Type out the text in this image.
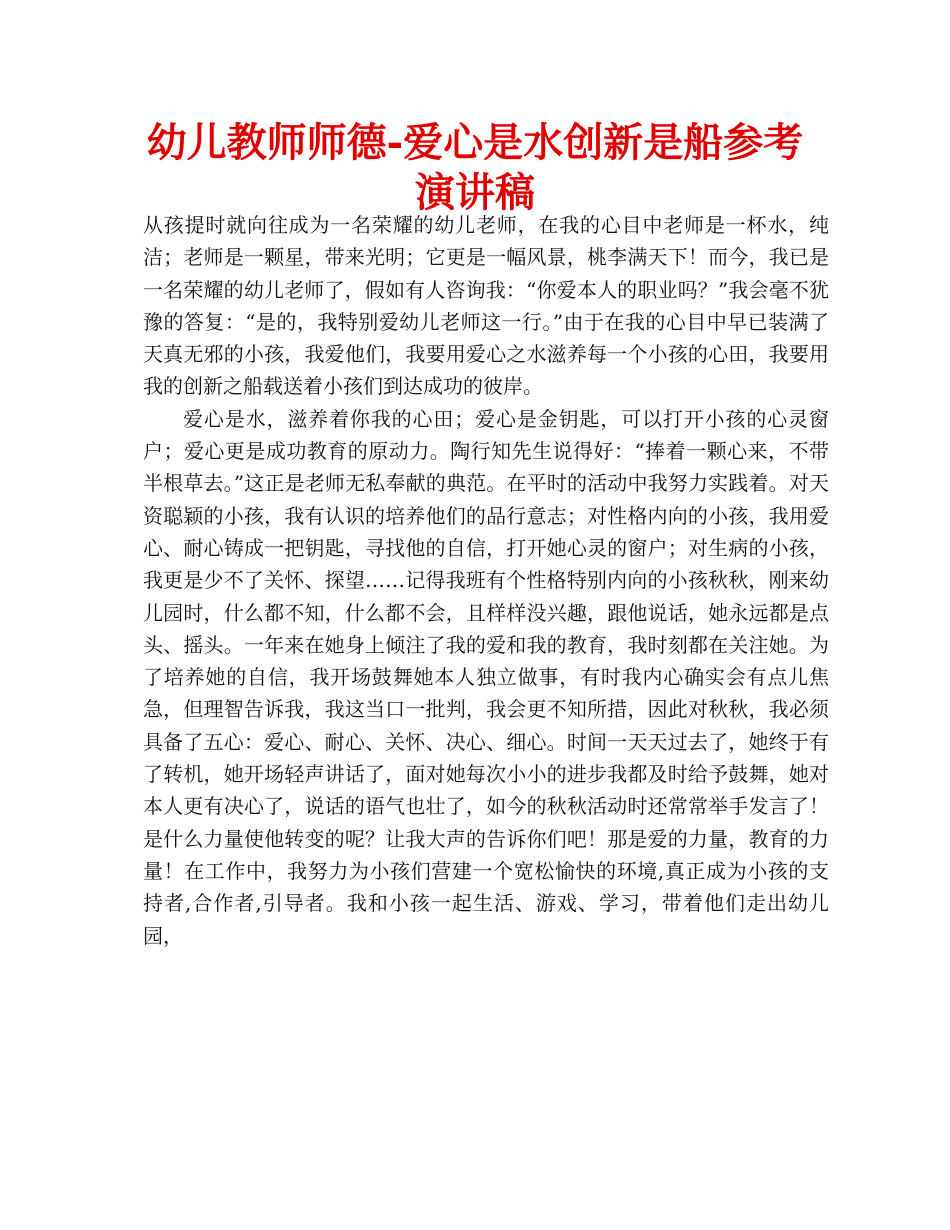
幼儿教师师德-爱心是水创新是船参考演讲稿

从孩提时就向往成为一名荣耀的幼儿老师，在我的心目中老师是一杯水，纯洁；老师是一颗星，带来光明；它更是一幅风景，桃李满天下！而今，我已是一名荣耀的幼儿老师了，假如有人咨询我：“你爱本人的职业吗？”我会毫不犹豫的答复：“是的，我特别爱幼儿老师这一行。”由于在我的心目中早已装满了天真无邪的小孩，我爱他们，我要用爱心之水滋养每一个小孩的心田，我要用我的创新之船载送着小孩们到达成功的彼岸。

爱心是水，滋养着你我的心田；爱心是金钥匙，可以打开小孩的心灵窗户；爱心更是成功教育的原动力。陶行知先生说得好：“捧着一颗心来，不带半根草去。”这正是老师无私奉献的典范。在平时的活动中我努力实践着。对天资聪颖的小孩，我有认识的培养他们的品行意志；对性格内向的小孩，我用爱心、耐心铸成一把钥匙，寻找他的自信，打开她心灵的窗户；对生病的小孩，我更是少不了关怀、探望……记得我班有个性格特别内向的小孩秋秋，刚来幼儿园时，什么都不知，什么都不会，且样样没兴趣，跟他说话，她永远都是点头、摇头。一年来在她身上倾注了我的爱和我的教育，我时刻都在关注她。为了培养她的自信，我开场鼓舞她本人独立做事，有时我内心确实会有点儿焦急，但理智告诉我，我这当口一批判，我会更不知所措，因此对秋秋，我必须具备了五心：爱心、耐心、关怀、决心、细心。时间一天天过去了，她终于有了转机，她开场轻声讲话了，面对她每次小小的进步我都及时给予鼓舞，她对本人更有决心了，说话的语气也壮了，如今的秋秋活动时还常常举手发言了！是什么力量使他转变的呢？让我大声的告诉你们吧！那是爱的力量，教育的力量！在工作中，我努力为小孩们营建一个宽松愉快的环境,真正成为小孩的支持者,合作者,引导者。我和小孩一起生活、游戏、学习，带着他们走出幼儿园，
